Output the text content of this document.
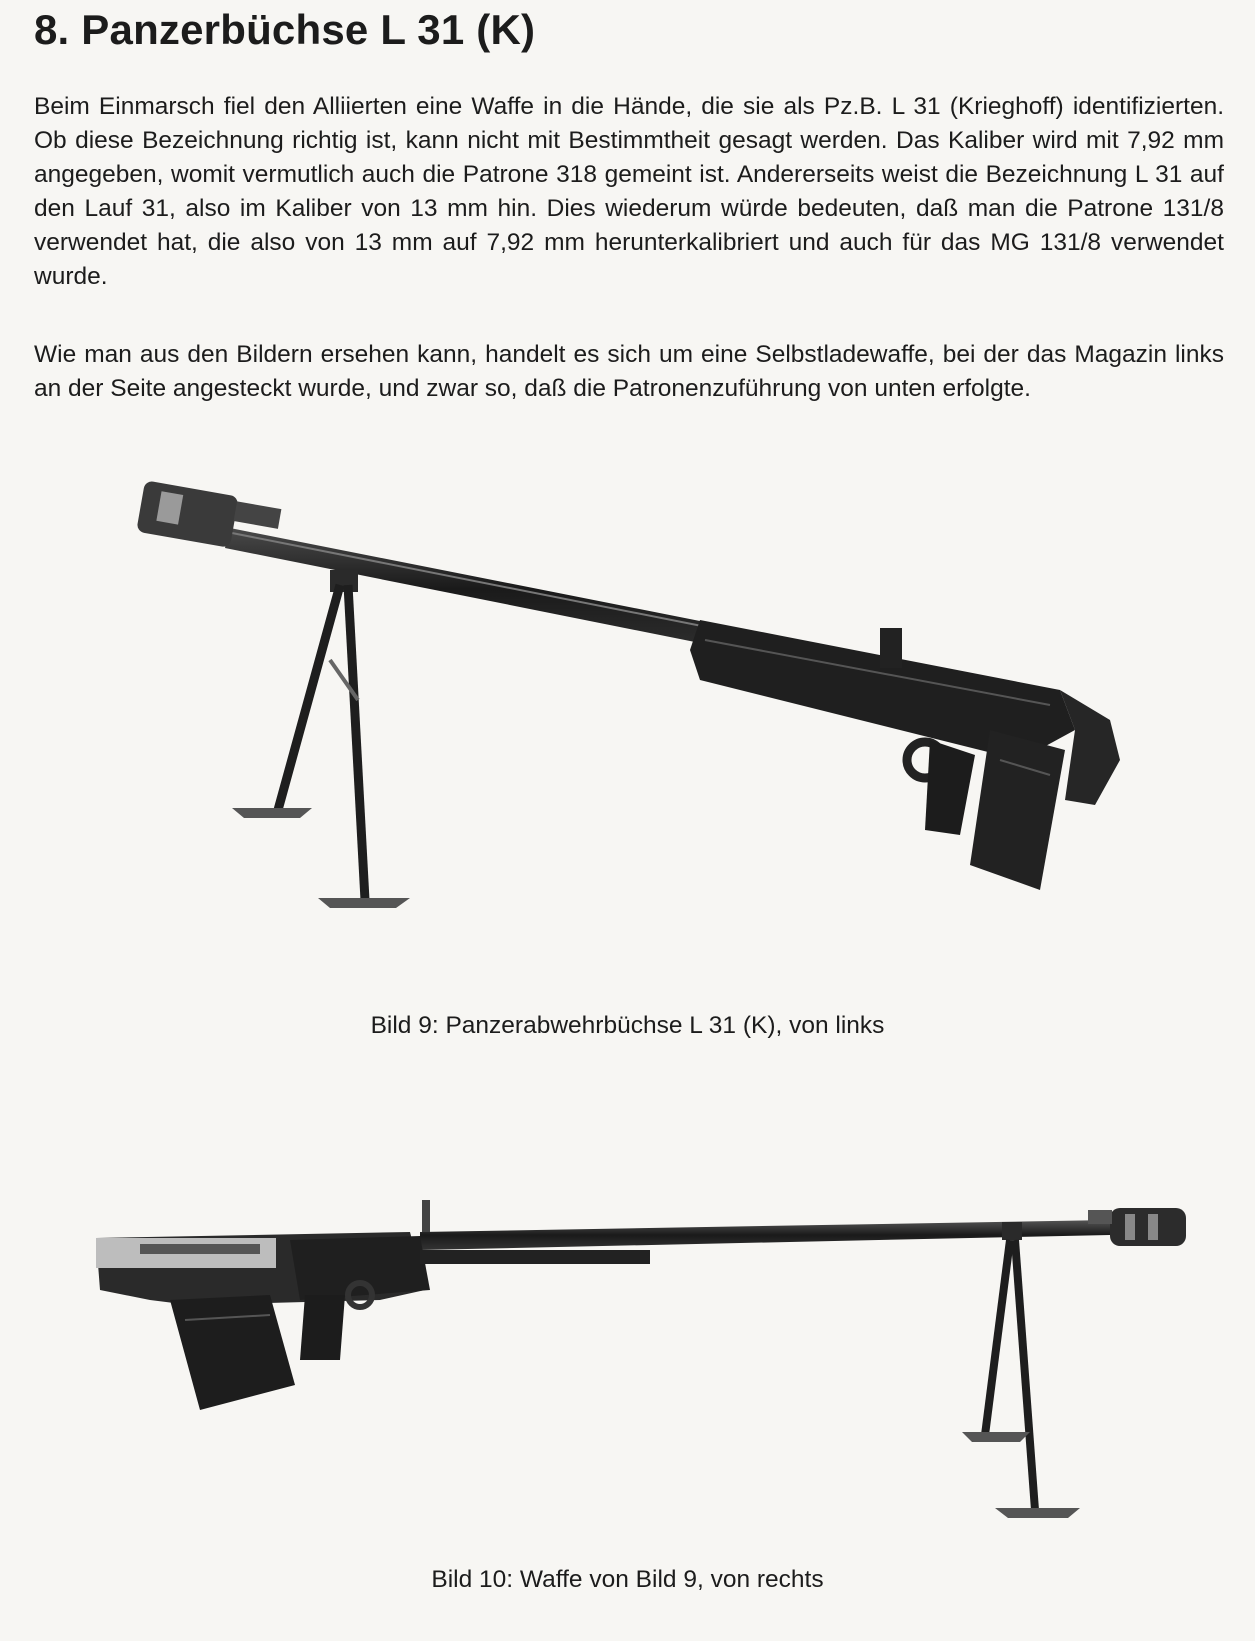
8. Panzerbüchse L 31 (K)

Beim Einmarsch fiel den Alliierten eine Waffe in die Hände, die sie als Pz.B. L 31 (Krieghoff) identifizierten. Ob diese Bezeichnung richtig ist, kann nicht mit Bestimmtheit gesagt werden. Das Kaliber wird mit 7,92 mm angegeben, womit vermutlich auch die Patrone 318 gemeint ist. Andererseits weist die Bezeichnung L 31 auf den Lauf 31, also im Kaliber von 13 mm hin. Dies wiederum würde bedeuten, daß man die Patrone 131/8 verwendet hat, die also von 13 mm auf 7,92 mm herunterkalibriert und auch für das MG 131/8 verwendet wurde.

Wie man aus den Bildern ersehen kann, handelt es sich um eine Selbstladewaffe, bei der das Magazin links an der Seite angesteckt wurde, und zwar so, daß die Patronenzuführung von unten erfolgte.

Bild 9: Panzerabwehrbüchse L 31 (K), von links

Bild 10: Waffe von Bild 9, von rechts
